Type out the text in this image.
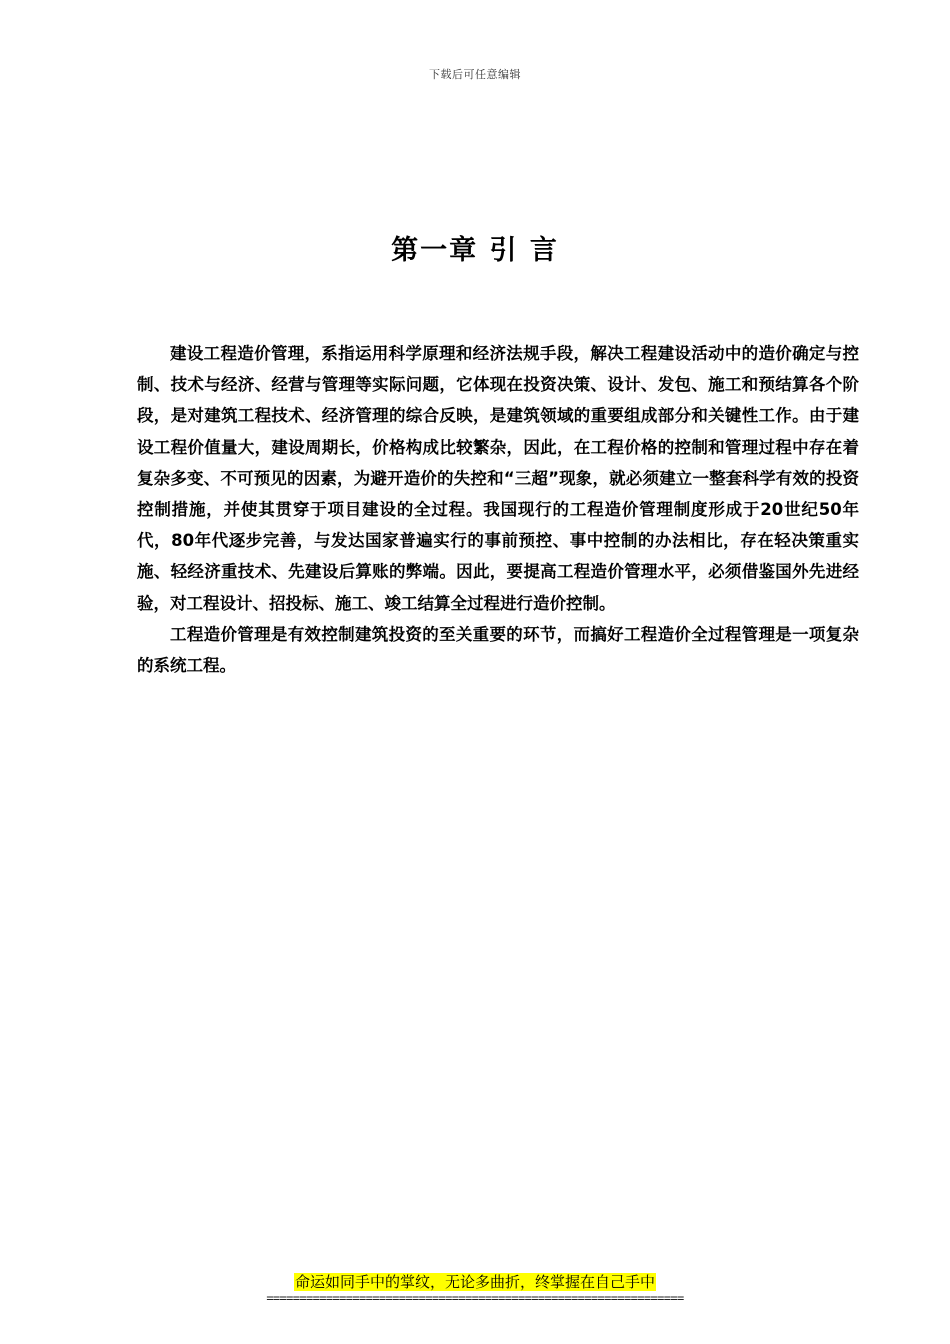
下载后可任意编辑
第一章 引 言

建设工程造价管理，系指运用科学原理和经济法规手段，解决工程建设活动中的造价确定与控制、技术与经济、经营与管理等实际问题，它体现在投资决策、设计、发包、施工和预结算各个阶段，是对建筑工程技术、经济管理的综合反映，是建筑领域的重要组成部分和关键性工作。由于建设工程价值量大，建设周期长，价格构成比较繁杂，因此，在工程价格的控制和管理过程中存在着复杂多变、不可预见的因素，为避开造价的失控和“三超”现象，就必须建立一整套科学有效的投资控制措施，并使其贯穿于项目建设的全过程。我国现行的工程造价管理制度形成于20世纪50年代，80年代逐步完善，与发达国家普遍实行的事前预控、事中控制的办法相比，存在轻决策重实施、轻经济重技术、先建设后算账的弊端。因此，要提高工程造价管理水平，必须借鉴国外先进经验，对工程设计、招投标、施工、竣工结算全过程进行造价控制。

工程造价管理是有效控制建筑投资的至关重要的环节，而搞好工程造价全过程管理是一项复杂的系统工程。

命运如同手中的掌纹，无论多曲折，终掌握在自己手中
===============================================================
